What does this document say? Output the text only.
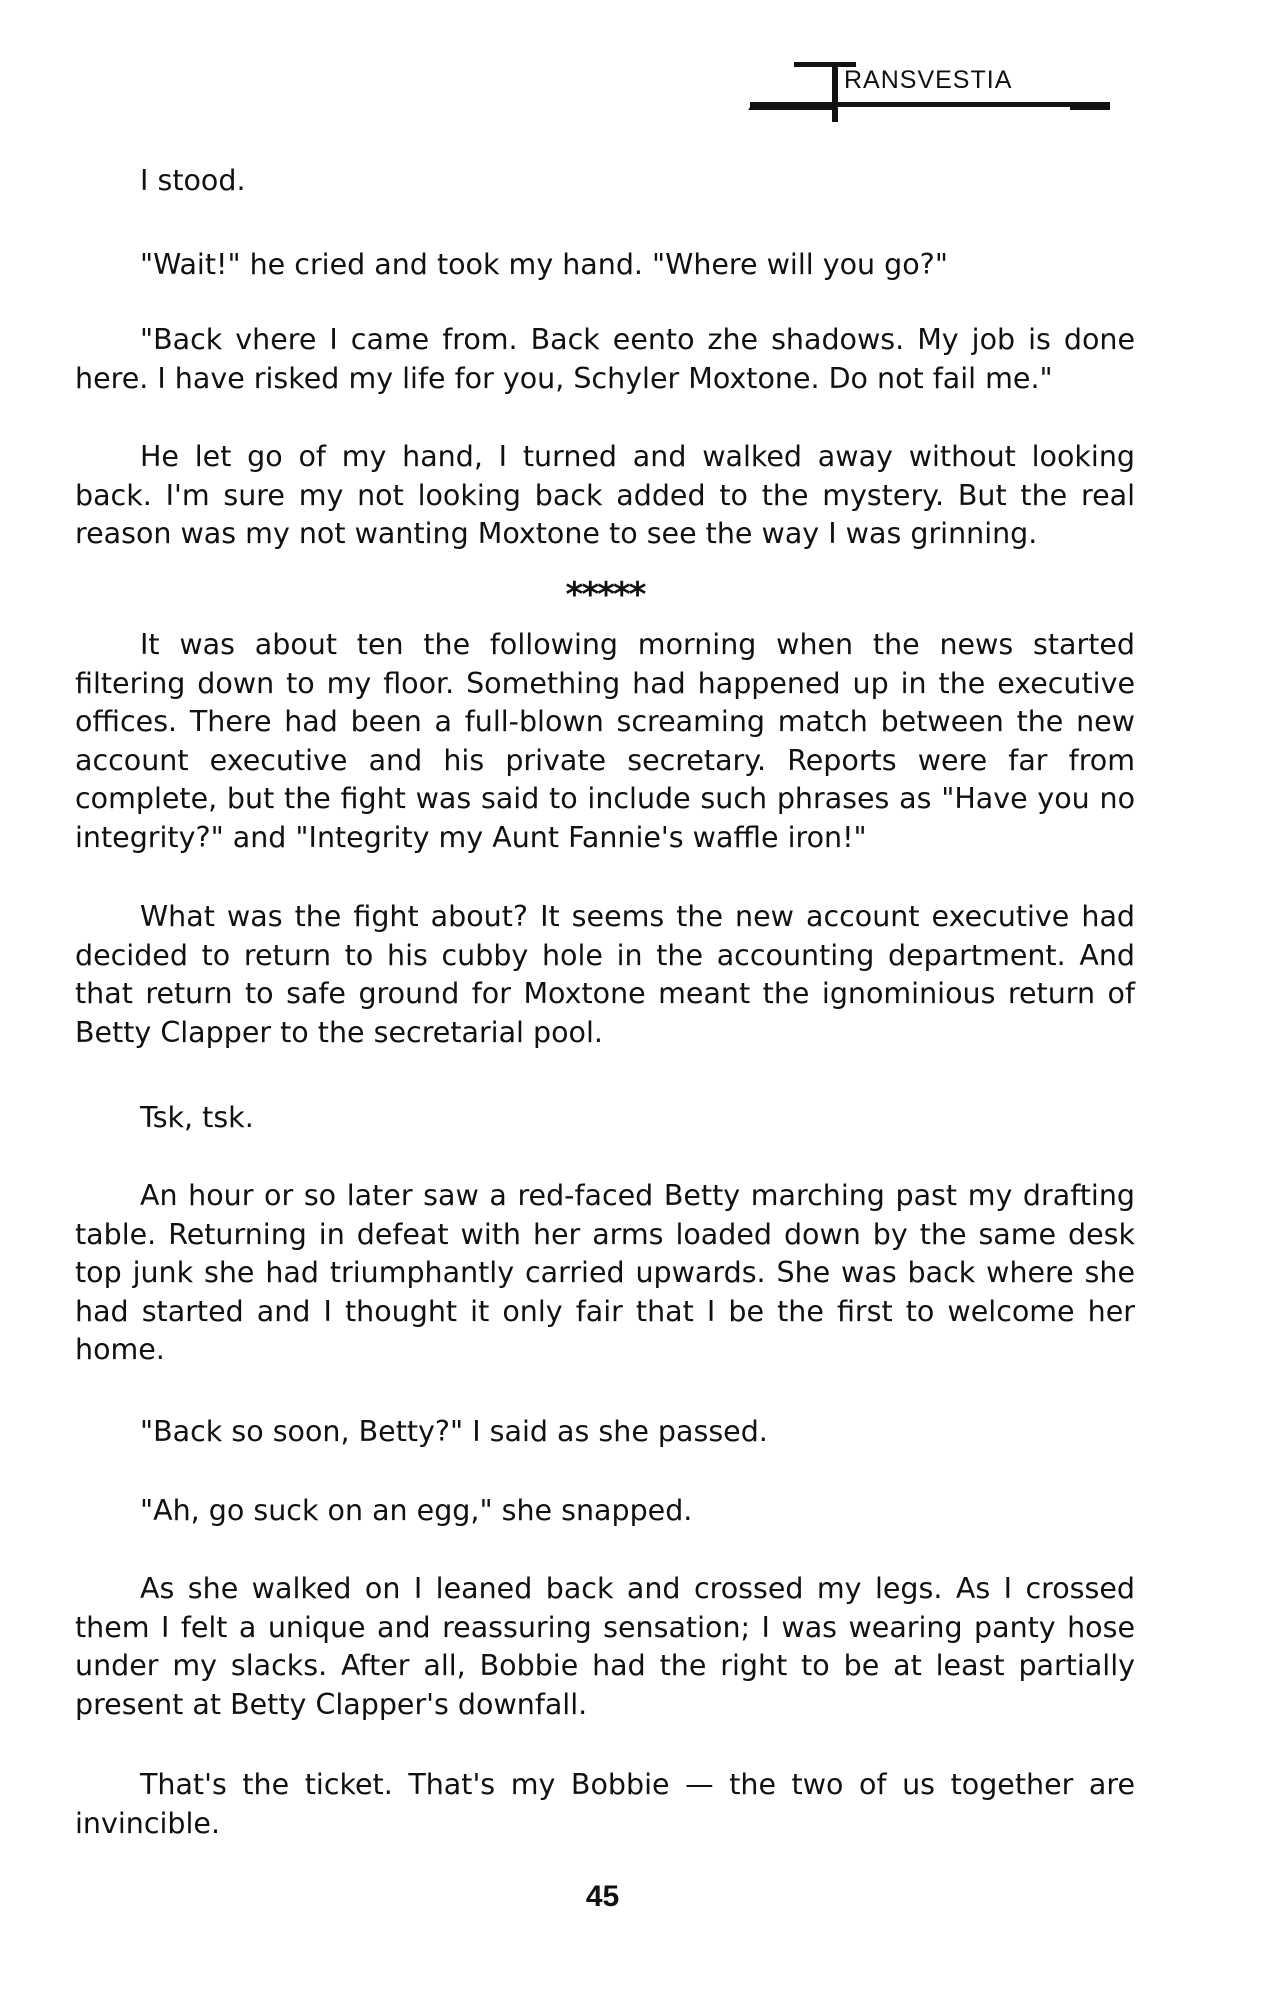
RANSVESTIA

I stood.

"Wait!" he cried and took my hand. "Where will you go?"

"Back vhere I came from. Back eento zhe shadows. My job is done here. I have risked my life for you, Schyler Moxtone. Do not fail me."

He let go of my hand, I turned and walked away without looking back. I'm sure my not looking back added to the mystery. But the real reason was my not wanting Moxtone to see the way I was grinning.

*****

It was about ten the following morning when the news started filtering down to my floor. Something had happened up in the executive offices. There had been a full-blown screaming match between the new account executive and his private secretary. Reports were far from complete, but the fight was said to include such phrases as "Have you no integrity?" and "Integrity my Aunt Fannie's waffle iron!"

What was the fight about? It seems the new account executive had decided to return to his cubby hole in the accounting department. And that return to safe ground for Moxtone meant the ignominious return of Betty Clapper to the secretarial pool.

Tsk, tsk.

An hour or so later saw a red-faced Betty marching past my drafting table. Returning in defeat with her arms loaded down by the same desk top junk she had triumphantly carried upwards. She was back where she had started and I thought it only fair that I be the first to welcome her home.

"Back so soon, Betty?" I said as she passed.

"Ah, go suck on an egg," she snapped.

As she walked on I leaned back and crossed my legs. As I crossed them I felt a unique and reassuring sensation; I was wearing panty hose under my slacks. After all, Bobbie had the right to be at least partially present at Betty Clapper's downfall.

That's the ticket. That's my Bobbie — the two of us together are invincible.

45
